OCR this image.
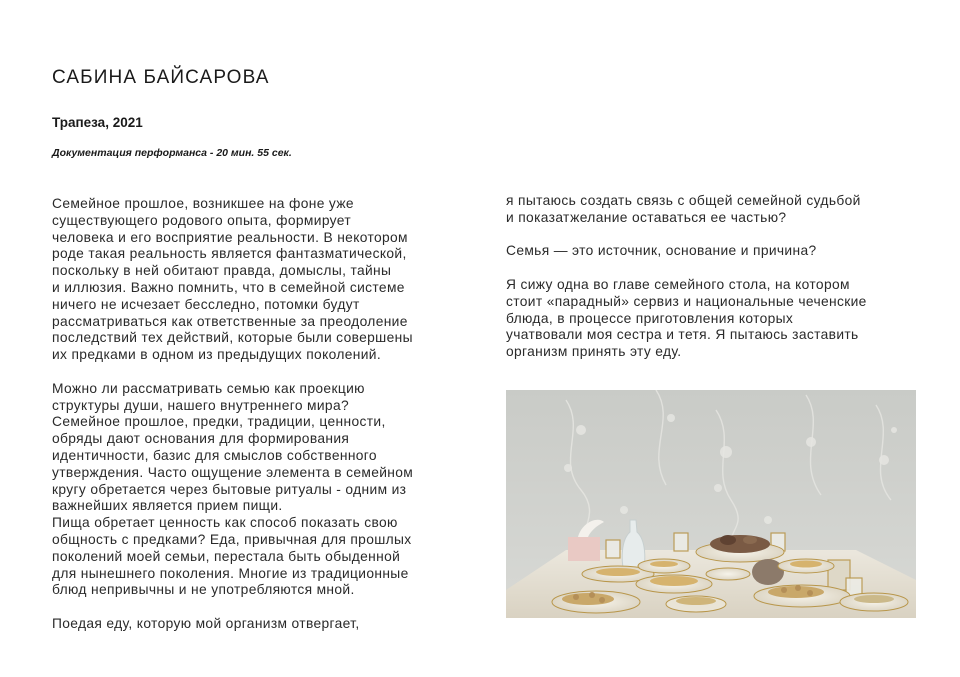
САБИНА БАЙСАРОВА
Трапеза, 2021
Документация перформанса - 20 мин. 55 сек.

Семейное прошлое, возникшее на фоне уже
существующего родового опыта, формирует
человека и его восприятие реальности. В некотором
роде такая реальность является фантазматической,
поскольку в ней обитают правда, домыслы, тайны
и иллюзия. Важно помнить, что в семейной системе
ничего не исчезает бесследно, потомки будут
рассматриваться как ответственные за преодоление
последствий тех действий, которые были совершены
их предками в одном из предыдущих поколений.

Можно ли рассматривать семью как проекцию
структуры души, нашего внутреннего мира?
Семейное прошлое, предки, традиции, ценности,
обряды дают основания для формирования
идентичности, базис для смыслов собственного
утверждения. Часто ощущение элемента в семейном
кругу обретается через бытовые ритуалы - одним из
важнейших является прием пищи.
Пища обретает ценность как способ показать свою
общность с предками? Еда, привычная для прошлых
поколений моей семьи, перестала быть обыденной
для нынешнего поколения. Многие из традиционные
блюд непривычны и не употребляются мной.

Поедая еду, которую мой организм отвергает,

я пытаюсь создать связь с общей семейной судьбой
и показатжелание оставаться ее частью?

Семья — это источник, основание и причина?

Я сижу одна во главе семейного стола, на котором
стоит «парадный» сервиз и национальные чеченские
блюда, в процессе приготовления которых
учатвовали моя сестра и тетя. Я пытаюсь заставить
организм принять эту еду.
